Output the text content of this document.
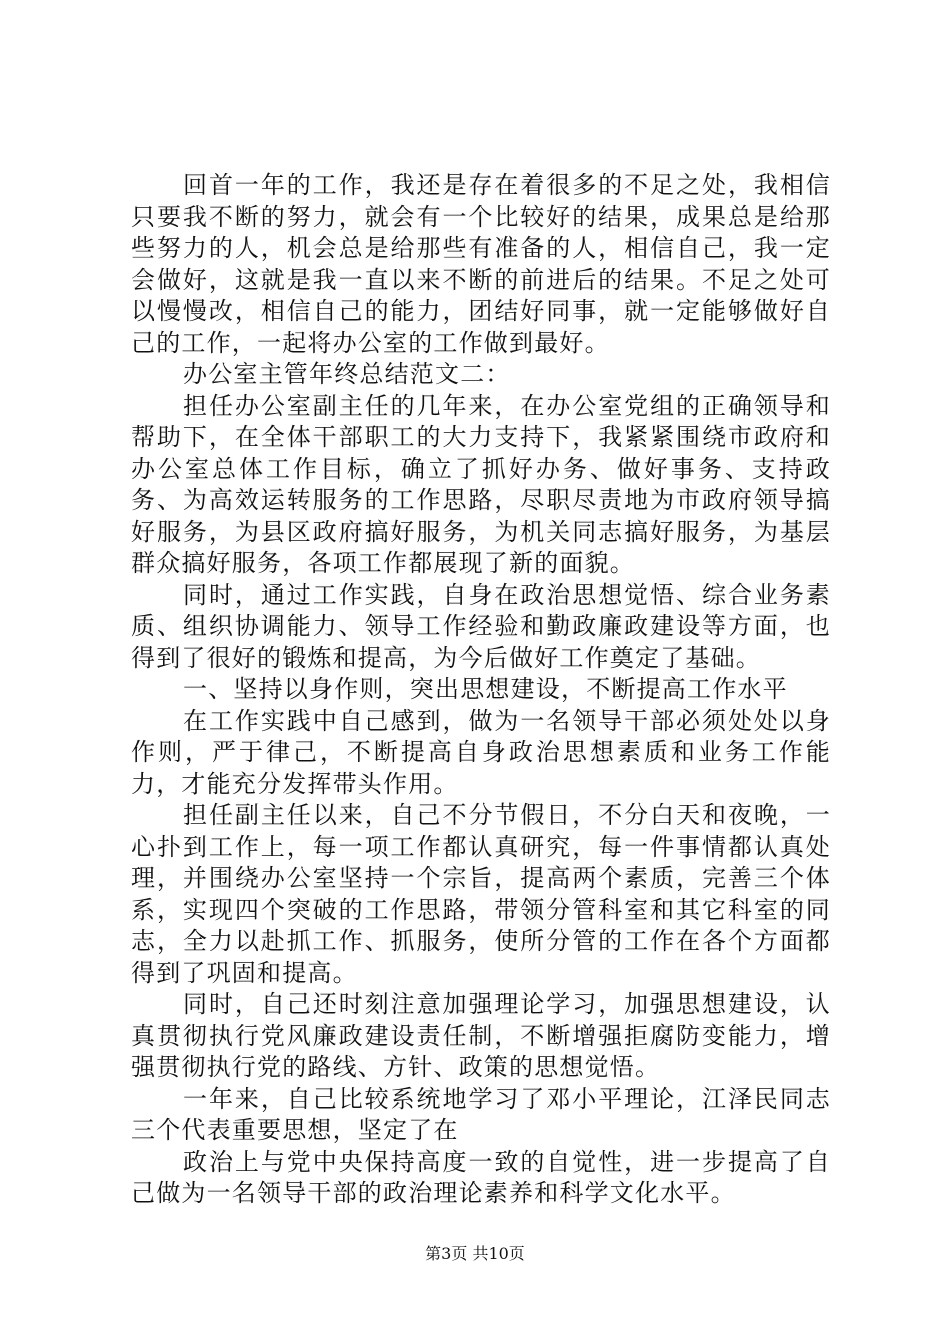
回首一年的工作，我还是存在着很多的不足之处，我相信只要我不断的努力，就会有一个比较好的结果，成果总是给那些努力的人，机会总是给那些有准备的人，相信自己，我一定会做好，这就是我一直以来不断的前进后的结果。不足之处可以慢慢改，相信自己的能力，团结好同事，就一定能够做好自己的工作，一起将办公室的工作做到最好。

办公室主管年终总结范文二：

担任办公室副主任的几年来，在办公室党组的正确领导和帮助下，在全体干部职工的大力支持下，我紧紧围绕市政府和办公室总体工作目标，确立了抓好办务、做好事务、支持政务、为高效运转服务的工作思路，尽职尽责地为市政府领导搞好服务，为县区政府搞好服务，为机关同志搞好服务，为基层群众搞好服务，各项工作都展现了新的面貌。

同时，通过工作实践，自身在政治思想觉悟、综合业务素质、组织协调能力、领导工作经验和勤政廉政建设等方面，也得到了很好的锻炼和提高，为今后做好工作奠定了基础。

一、坚持以身作则，突出思想建设，不断提高工作水平

在工作实践中自己感到，做为一名领导干部必须处处以身作则，严于律己，不断提高自身政治思想素质和业务工作能力，才能充分发挥带头作用。

担任副主任以来，自己不分节假日，不分白天和夜晚，一心扑到工作上，每一项工作都认真研究，每一件事情都认真处理，并围绕办公室坚持一个宗旨，提高两个素质，完善三个体系，实现四个突破的工作思路，带领分管科室和其它科室的同志，全力以赴抓工作、抓服务，使所分管的工作在各个方面都得到了巩固和提高。

同时，自己还时刻注意加强理论学习，加强思想建设，认真贯彻执行党风廉政建设责任制，不断增强拒腐防变能力，增强贯彻执行党的路线、方针、政策的思想觉悟。

一年来，自己比较系统地学习了邓小平理论，江泽民同志三个代表重要思想，坚定了在

政治上与党中央保持高度一致的自觉性，进一步提高了自己做为一名领导干部的政治理论素养和科学文化水平。

第3页 共10页
